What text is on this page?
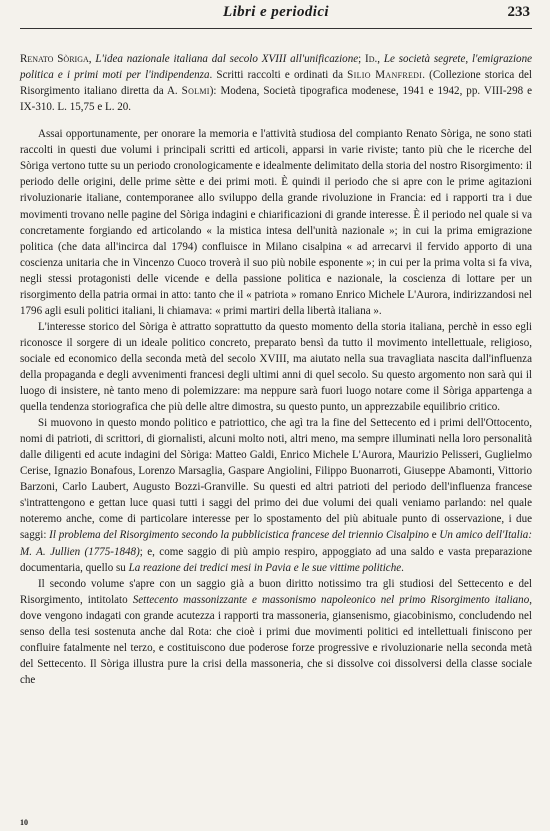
Libri e periodici	233

Renato Sòriga, L'idea nazionale italiana dal secolo XVIII all'unificazione; Id., Le società segrete, l'emigrazione politica e i primi moti per l'indipendenza. Scritti raccolti e ordinati da Silio Manfredi. (Collezione storica del Risorgimento italiano diretta da A. Solmi): Modena, Società tipografica modenese, 1941 e 1942, pp. VIII-298 e IX-310. L. 15,75 e L. 20.

Assai opportunamente, per onorare la memoria e l'attività studiosa del compianto Renato Sòriga, ne sono stati raccolti in questi due volumi i principali scritti ed articoli, apparsi in varie riviste; tanto più che le ricerche del Sòriga vertono tutte su un periodo cronologicamente e idealmente delimitato della storia del nostro Risorgimento: il periodo delle origini, delle prime sètte e dei primi moti. È quindi il periodo che si apre con le prime agitazioni rivoluzionarie italiane, contemporanee allo sviluppo della grande rivoluzione in Francia: ed i rapporti tra i due movimenti trovano nelle pagine del Sòriga indagini e chiarificazioni di grande interesse. È il periodo nel quale si va concretamente forgiando ed articolando « la mistica intesa dell'unità nazionale »; in cui la prima emigrazione politica (che data all'incirca dal 1794) confluisce in Milano cisalpina « ad arrecarvi il fervido apporto di una coscienza unitaria che in Vincenzo Cuoco troverà il suo più nobile esponente »; in cui per la prima volta si fa viva, negli stessi protagonisti delle vicende e della passione politica e nazionale, la coscienza di lottare per un risorgimento della patria ormai in atto: tanto che il « patriota » romano Enrico Michele L'Aurora, indirizzandosi nel 1796 agli esuli politici italiani, li chiamava: « primi martiri della libertà italiana ».

L'interesse storico del Sòriga è attratto soprattutto da questo momento della storia italiana, perchè in esso egli riconosce il sorgere di un ideale politico concreto, preparato bensì da tutto il movimento intellettuale, religioso, sociale ed economico della seconda metà del secolo XVIII, ma aiutato nella sua travagliata nascita dall'influenza della propaganda e degli avvenimenti francesi degli ultimi anni di quel secolo. Su questo argomento non sarà qui il luogo di insistere, nè tanto meno di polemizzare: ma neppure sarà fuori luogo notare come il Sòriga appartenga a quella tendenza storiografica che più delle altre dimostra, su questo punto, un apprezzabile equilibrio critico.

Si muovono in questo mondo politico e patriottico, che agì tra la fine del Settecento ed i primi dell'Ottocento, nomi di patrioti, di scrittori, di giornalisti, alcuni molto noti, altri meno, ma sempre illuminati nella loro personalità dalle diligenti ed acute indagini del Sòriga: Matteo Galdi, Enrico Michele L'Aurora, Maurizio Pelisseri, Guglielmo Cerise, Ignazio Bonafous, Lorenzo Marsaglia, Gaspare Angiolini, Filippo Buonarroti, Giuseppe Abamonti, Vittorio Barzoni, Carlo Laubert, Augusto Bozzi-Granville. Su questi ed altri patrioti del periodo dell'influenza francese s'intrattengono e gettan luce quasi tutti i saggi del primo dei due volumi dei quali veniamo parlando: nel quale noteremo anche, come di particolare interesse per lo spostamento del più abituale punto di osservazione, i due saggi: Il problema del Risorgimento secondo la pubblicistica francese del triennio Cisalpino e Un amico dell'Italia: M. A. Jullien (1775-1848); e, come saggio di più ampio respiro, appoggiato ad una saldo e vasta preparazione documentaria, quello su La reazione dei tredici mesi in Pavia e le sue vittime politiche.

Il secondo volume s'apre con un saggio già a buon diritto notissimo tra gli studiosi del Settecento e del Risorgimento, intitolato Settecento massonizzante e massonismo napoleonico nel primo Risorgimento italiano, dove vengono indagati con grande acutezza i rapporti tra massoneria, giansenismo, giacobinismo, concludendo nel senso della tesi sostenuta anche dal Rota: che cioè i primi due movimenti politici ed intellettuali finiscono per confluire fatalmente nel terzo, e costituiscono due poderose forze progressive e rivoluzionarie nella seconda metà del Settecento. Il Sòriga illustra pure la crisi della massoneria, che si dissolve coi dissolversi della classe sociale che

10
